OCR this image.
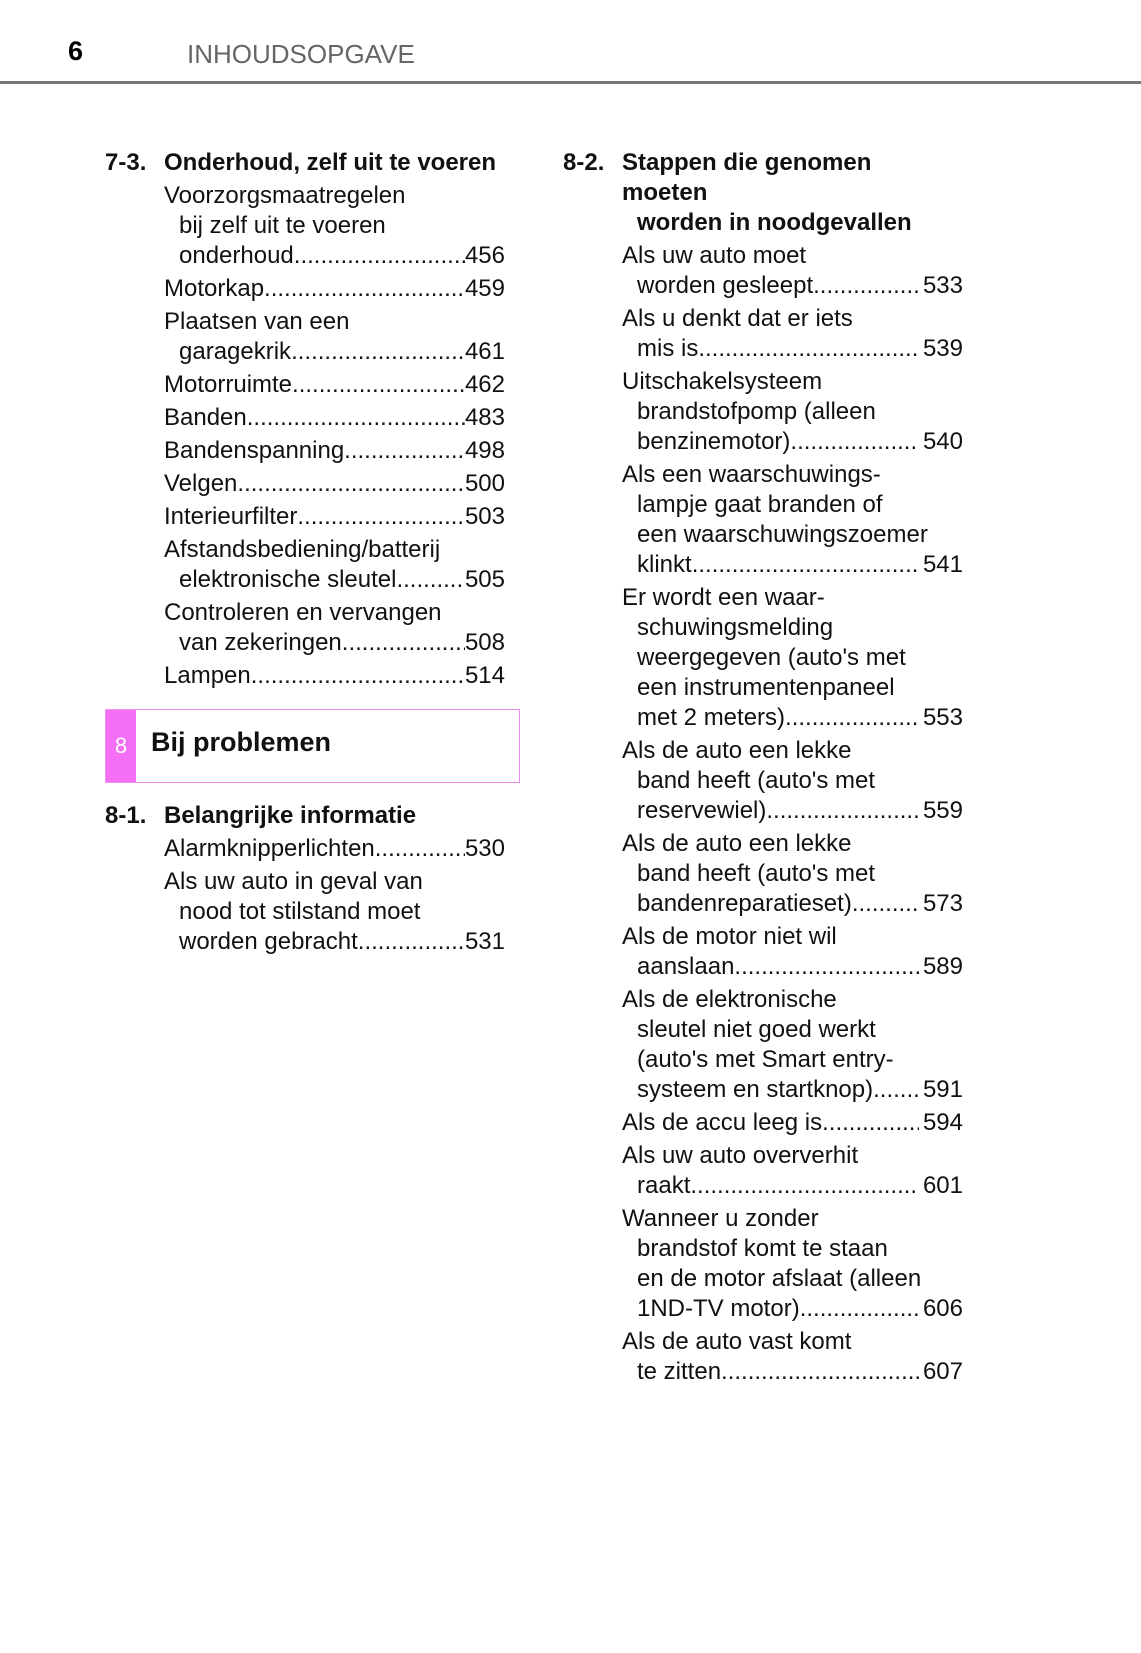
6	INHOUDSOPGAVE
7-3. Onderhoud, zelf uit te voeren
Voorzorgsmaatregelen
bij zelf uit te voeren
onderhoud .....	456
Motorkap .....	459
Plaatsen van een
garagekrik .....	461
Motorruimte .....	462
Banden .....	483
Bandenspanning .....	498
Velgen .....	500
Interieurfilter .....	503
Afstandsbediening/batterij
elektronische sleutel .....	505
Controleren en vervangen
van zekeringen .....	508
Lampen .....	514
8 Bij problemen
8-1. Belangrijke informatie
Alarmknipperlichten .....	530
Als uw auto in geval van
nood tot stilstand moet
worden gebracht .....	531
8-2. Stappen die genomen moeten
worden in noodgevallen
Als uw auto moet
worden gesleept .....	533
Als u denkt dat er iets
mis is .....	539
Uitschakelsysteem
brandstofpomp (alleen
benzinemotor) .....	540
Als een waarschuwings-
lampje gaat branden of
een waarschuwingszoemer
klinkt .....	541
Er wordt een waar-
schuwingsmelding
weergegeven (auto's met
een instrumentenpaneel
met 2 meters) .....	553
Als de auto een lekke
band heeft (auto's met
reservewiel) .....	559
Als de auto een lekke
band heeft (auto's met
bandenreparatieset) .....	573
Als de motor niet wil
aanslaan .....	589
Als de elektronische
sleutel niet goed werkt
(auto's met Smart entry-
systeem en startknop) ..... 591
Als de accu leeg is .....	594
Als uw auto oververhit
raakt .....	601
Wanneer u zonder
brandstof komt te staan
en de motor afslaat (alleen
1ND-TV motor) .....	606
Als de auto vast komt
te zitten .....	607
